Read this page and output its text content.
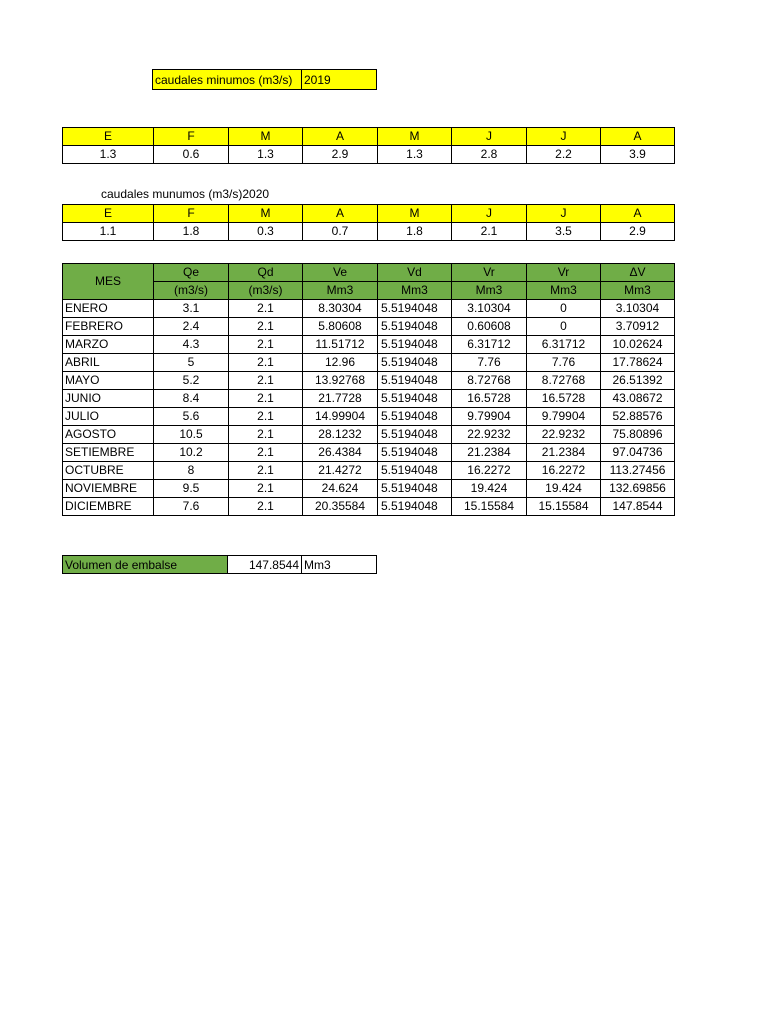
caudales minumos (m3/s) 2019
E	F	M	A	M	J	J	A
1.3	0.6	1.3	2.9	1.3	2.8	2.2	3.9
caudales munumos (m3/s)2020
E	F	M	A	M	J	J	A
1.1	1.8	0.3	0.7	1.8	2.1	3.5	2.9
MES	Qe	Qd	Ve	Vd	Vr	Vr	ΔV
	(m3/s)	(m3/s)	Mm3	Mm3	Mm3	Mm3	Mm3
ENERO	3.1	2.1	8.30304	5.5194048	3.10304	0	3.10304
FEBRERO	2.4	2.1	5.80608	5.5194048	0.60608	0	3.70912
MARZO	4.3	2.1	11.51712	5.5194048	6.31712	6.31712	10.02624
ABRIL	5	2.1	12.96	5.5194048	7.76	7.76	17.78624
MAYO	5.2	2.1	13.92768	5.5194048	8.72768	8.72768	26.51392
JUNIO	8.4	2.1	21.7728	5.5194048	16.5728	16.5728	43.08672
JULIO	5.6	2.1	14.99904	5.5194048	9.79904	9.79904	52.88576
AGOSTO	10.5	2.1	28.1232	5.5194048	22.9232	22.9232	75.80896
SETIEMBRE	10.2	2.1	26.4384	5.5194048	21.2384	21.2384	97.04736
OCTUBRE	8	2.1	21.4272	5.5194048	16.2272	16.2272	113.27456
NOVIEMBRE	9.5	2.1	24.624	5.5194048	19.424	19.424	132.69856
DICIEMBRE	7.6	2.1	20.35584	5.5194048	15.15584	15.15584	147.8544
Volumen de embalse	147.8544 Mm3
